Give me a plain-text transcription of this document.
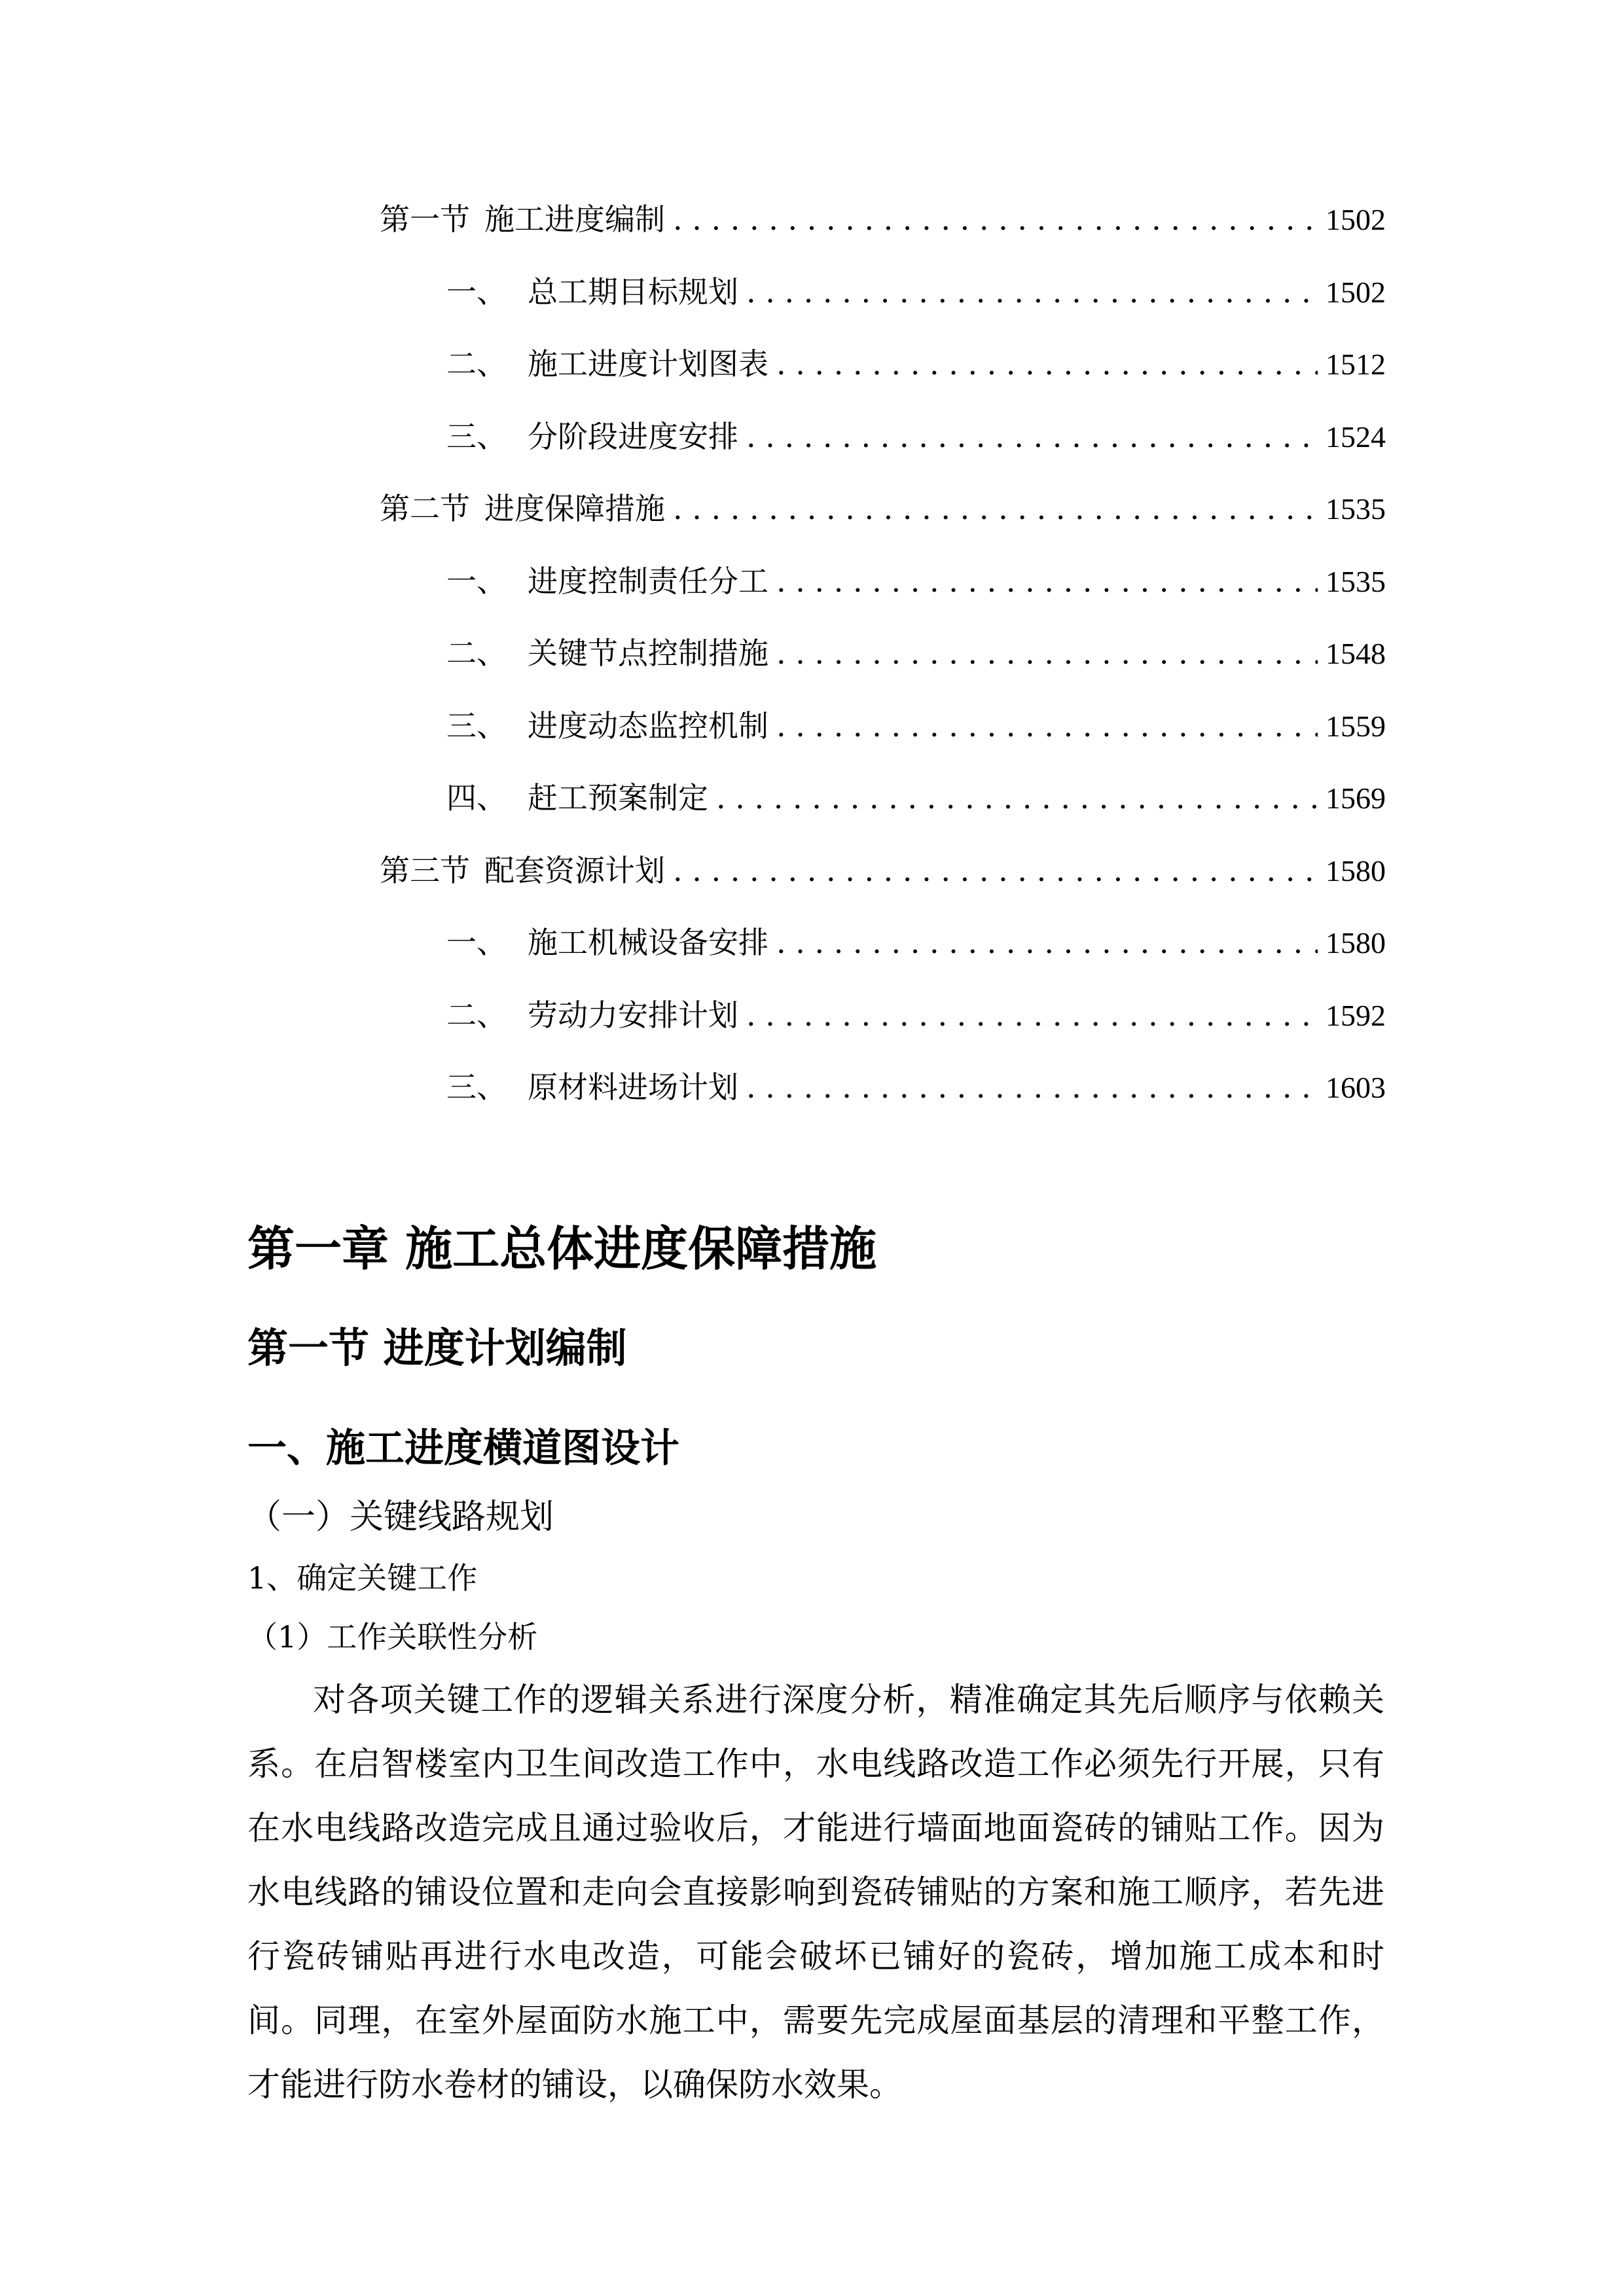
第一节 施工进度编制 . . .	1502
一、 总工期目标规划 . . .	1502
二、 施工进度计划图表 . . .	1512
三、 分阶段进度安排 . . .	1524
第二节 进度保障措施 . . .	1535
一、 进度控制责任分工 . . .	1535
二、 关键节点控制措施 . . .	1548
三、 进度动态监控机制 . . .	1559
四、 赶工预案制定 . . .	1569
第三节 配套资源计划 . . .	1580
一、 施工机械设备安排 . . .	1580
二、 劳动力安排计划 . . .	1592
三、 原材料进场计划 . . .	1603
第一章 施工总体进度保障措施
第一节 进度计划编制
一、施工进度横道图设计
（一）关键线路规划
1、确定关键工作
（1）工作关联性分析

对各项关键工作的逻辑关系进行深度分析，精准确定其先后顺序与依赖关系。在启智楼室内卫生间改造工作中，水电线路改造工作必须先行开展，只有在水电线路改造完成且通过验收后，才能进行墙面地面瓷砖的铺贴工作。因为水电线路的铺设位置和走向会直接影响到瓷砖铺贴的方案和施工顺序，若先进行瓷砖铺贴再进行水电改造，可能会破坏已铺好的瓷砖，增加施工成本和时间。同理，在室外屋面防水施工中，需要先完成屋面基层的清理和平整工作，才能进行防水卷材的铺设，以确保防水效果。
